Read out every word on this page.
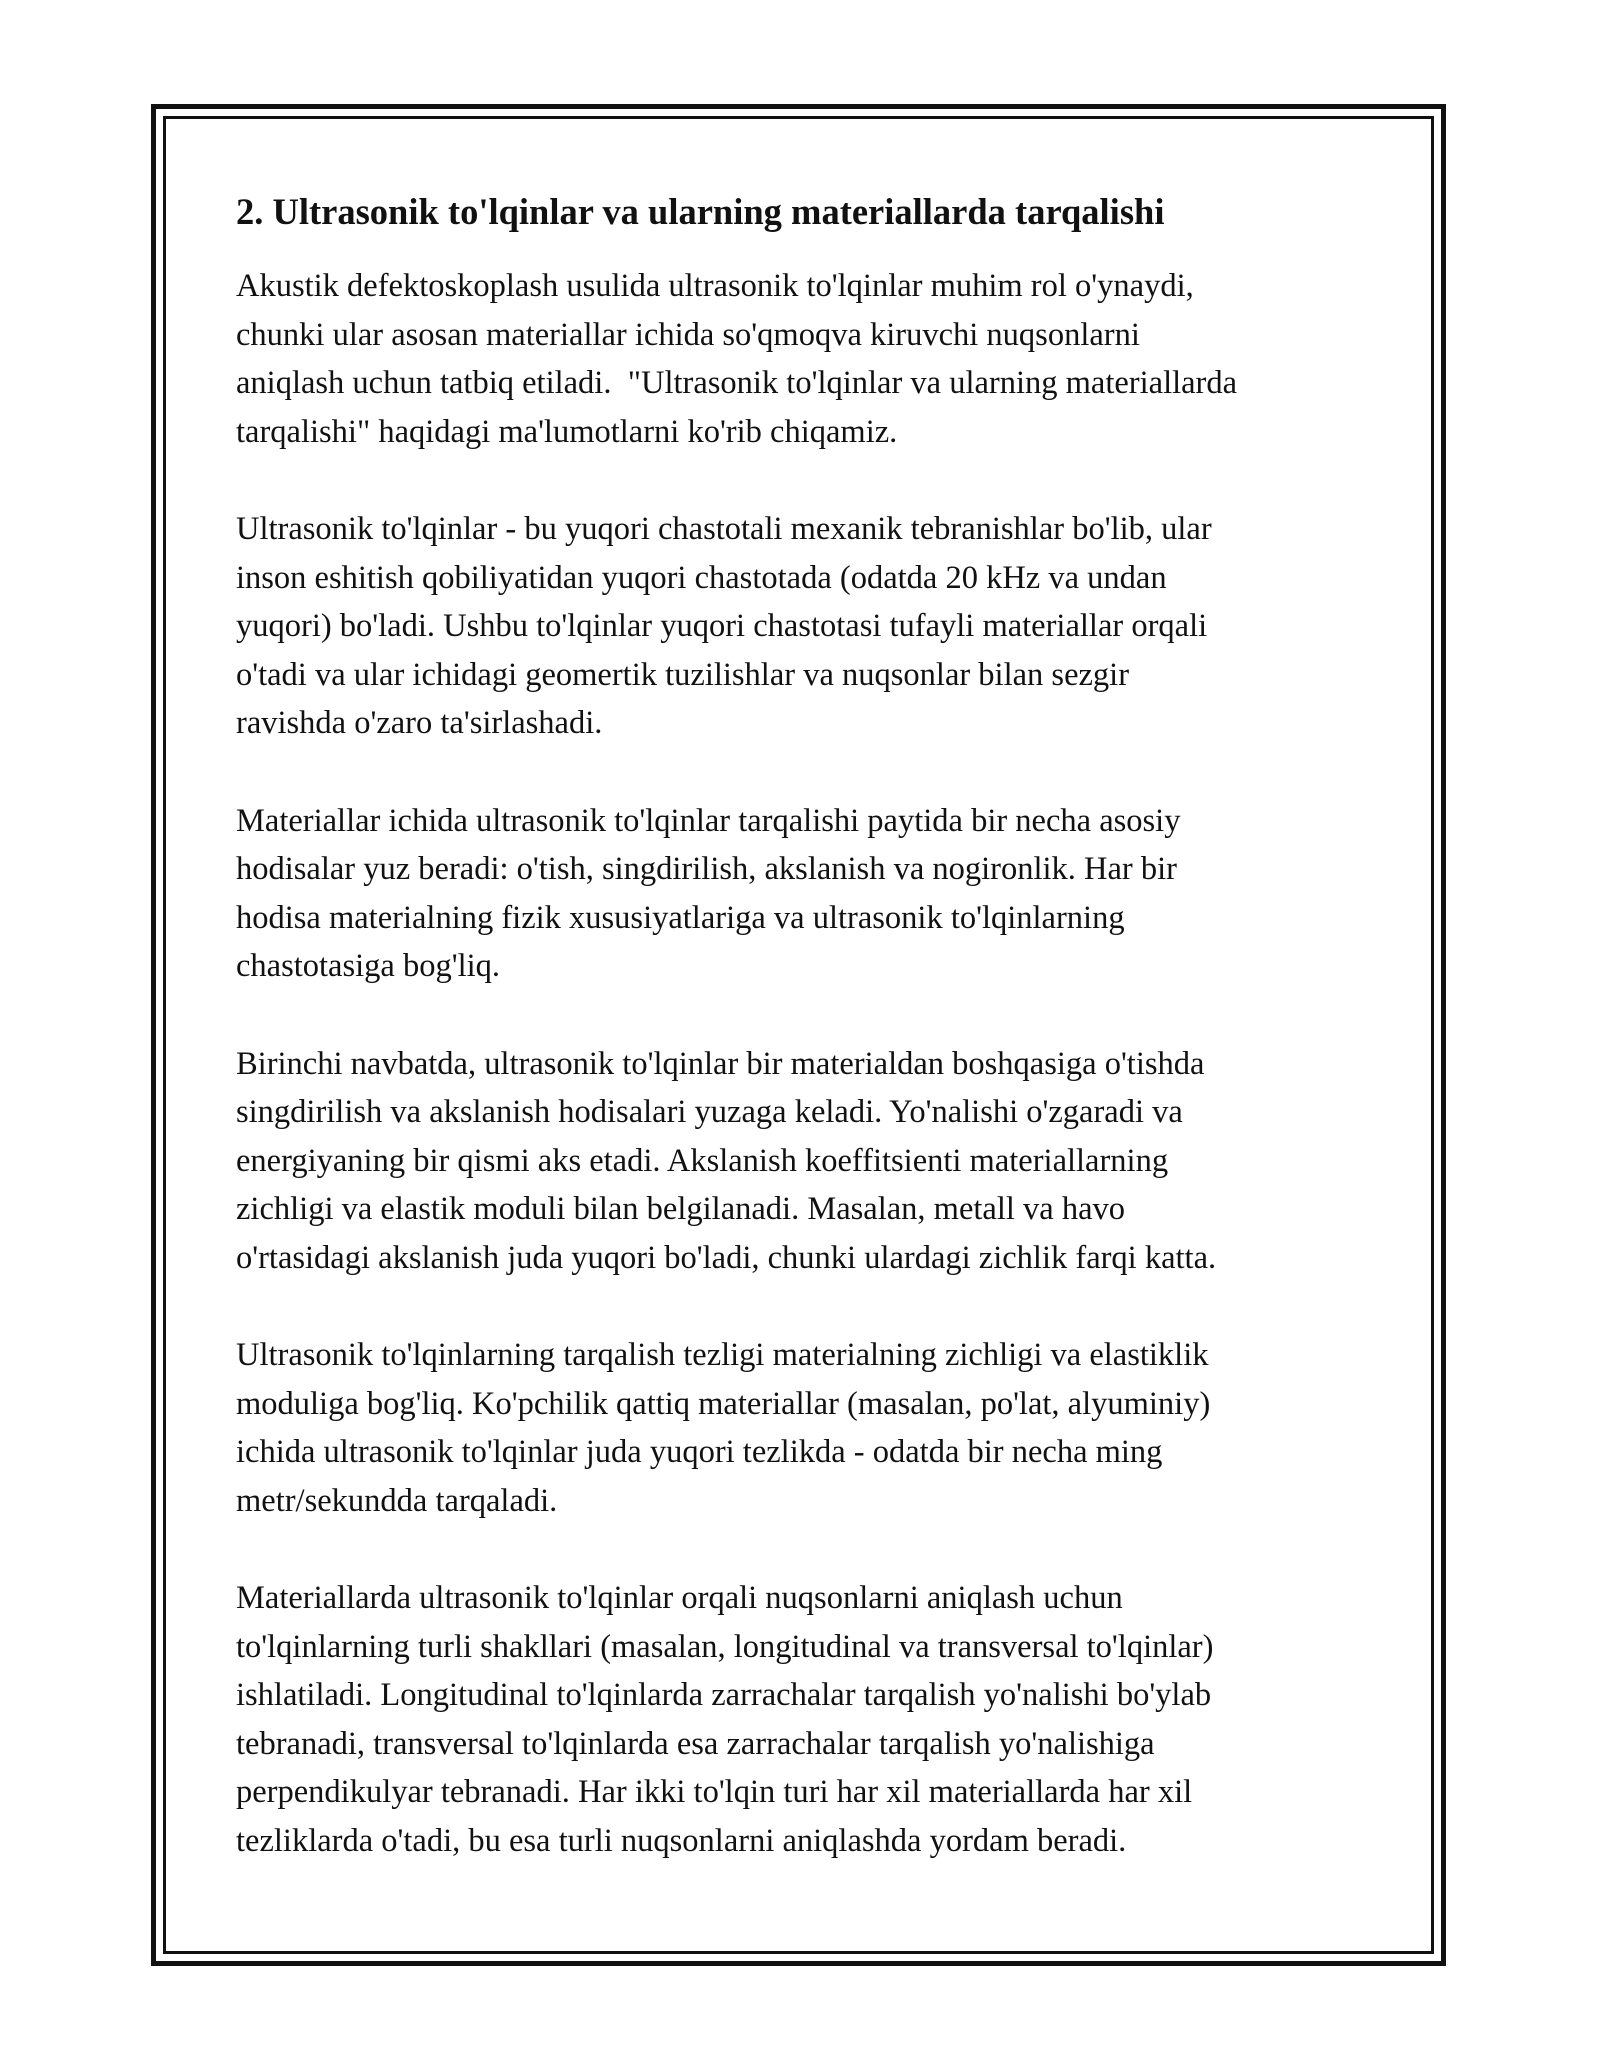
2. Ultrasonik to'lqinlar va ularning materiallarda tarqalishi

Akustik defektoskoplash usulida ultrasonik to'lqinlar muhim rol o'ynaydi,
chunki ular asosan materiallar ichida so'qmoqva kiruvchi nuqsonlarni
aniqlash uchun tatbiq etiladi.  "Ultrasonik to'lqinlar va ularning materiallarda
tarqalishi" haqidagi ma'lumotlarni ko'rib chiqamiz.

Ultrasonik to'lqinlar - bu yuqori chastotali mexanik tebranishlar bo'lib, ular
inson eshitish qobiliyatidan yuqori chastotada (odatda 20 kHz va undan
yuqori) bo'ladi. Ushbu to'lqinlar yuqori chastotasi tufayli materiallar orqali
o'tadi va ular ichidagi geomertik tuzilishlar va nuqsonlar bilan sezgir
ravishda o'zaro ta'sirlashadi.

Materiallar ichida ultrasonik to'lqinlar tarqalishi paytida bir necha asosiy
hodisalar yuz beradi: o'tish, singdirilish, akslanish va nogironlik. Har bir
hodisa materialning fizik xususiyatlariga va ultrasonik to'lqinlarning
chastotasiga bog'liq.

Birinchi navbatda, ultrasonik to'lqinlar bir materialdan boshqasiga o'tishda
singdirilish va akslanish hodisalari yuzaga keladi. Yo'nalishi o'zgaradi va
energiyaning bir qismi aks etadi. Akslanish koeffitsienti materiallarning
zichligi va elastik moduli bilan belgilanadi. Masalan, metall va havo
o'rtasidagi akslanish juda yuqori bo'ladi, chunki ulardagi zichlik farqi katta.

Ultrasonik to'lqinlarning tarqalish tezligi materialning zichligi va elastiklik
moduliga bog'liq. Ko'pchilik qattiq materiallar (masalan, po'lat, alyuminiy)
ichida ultrasonik to'lqinlar juda yuqori tezlikda - odatda bir necha ming
metr/sekundda tarqaladi.

Materiallarda ultrasonik to'lqinlar orqali nuqsonlarni aniqlash uchun
to'lqinlarning turli shakllari (masalan, longitudinal va transversal to'lqinlar)
ishlatiladi. Longitudinal to'lqinlarda zarrachalar tarqalish yo'nalishi bo'ylab
tebranadi, transversal to'lqinlarda esa zarrachalar tarqalish yo'nalishiga
perpendikulyar tebranadi. Har ikki to'lqin turi har xil materiallarda har xil
tezliklarda o'tadi, bu esa turli nuqsonlarni aniqlashda yordam beradi.
